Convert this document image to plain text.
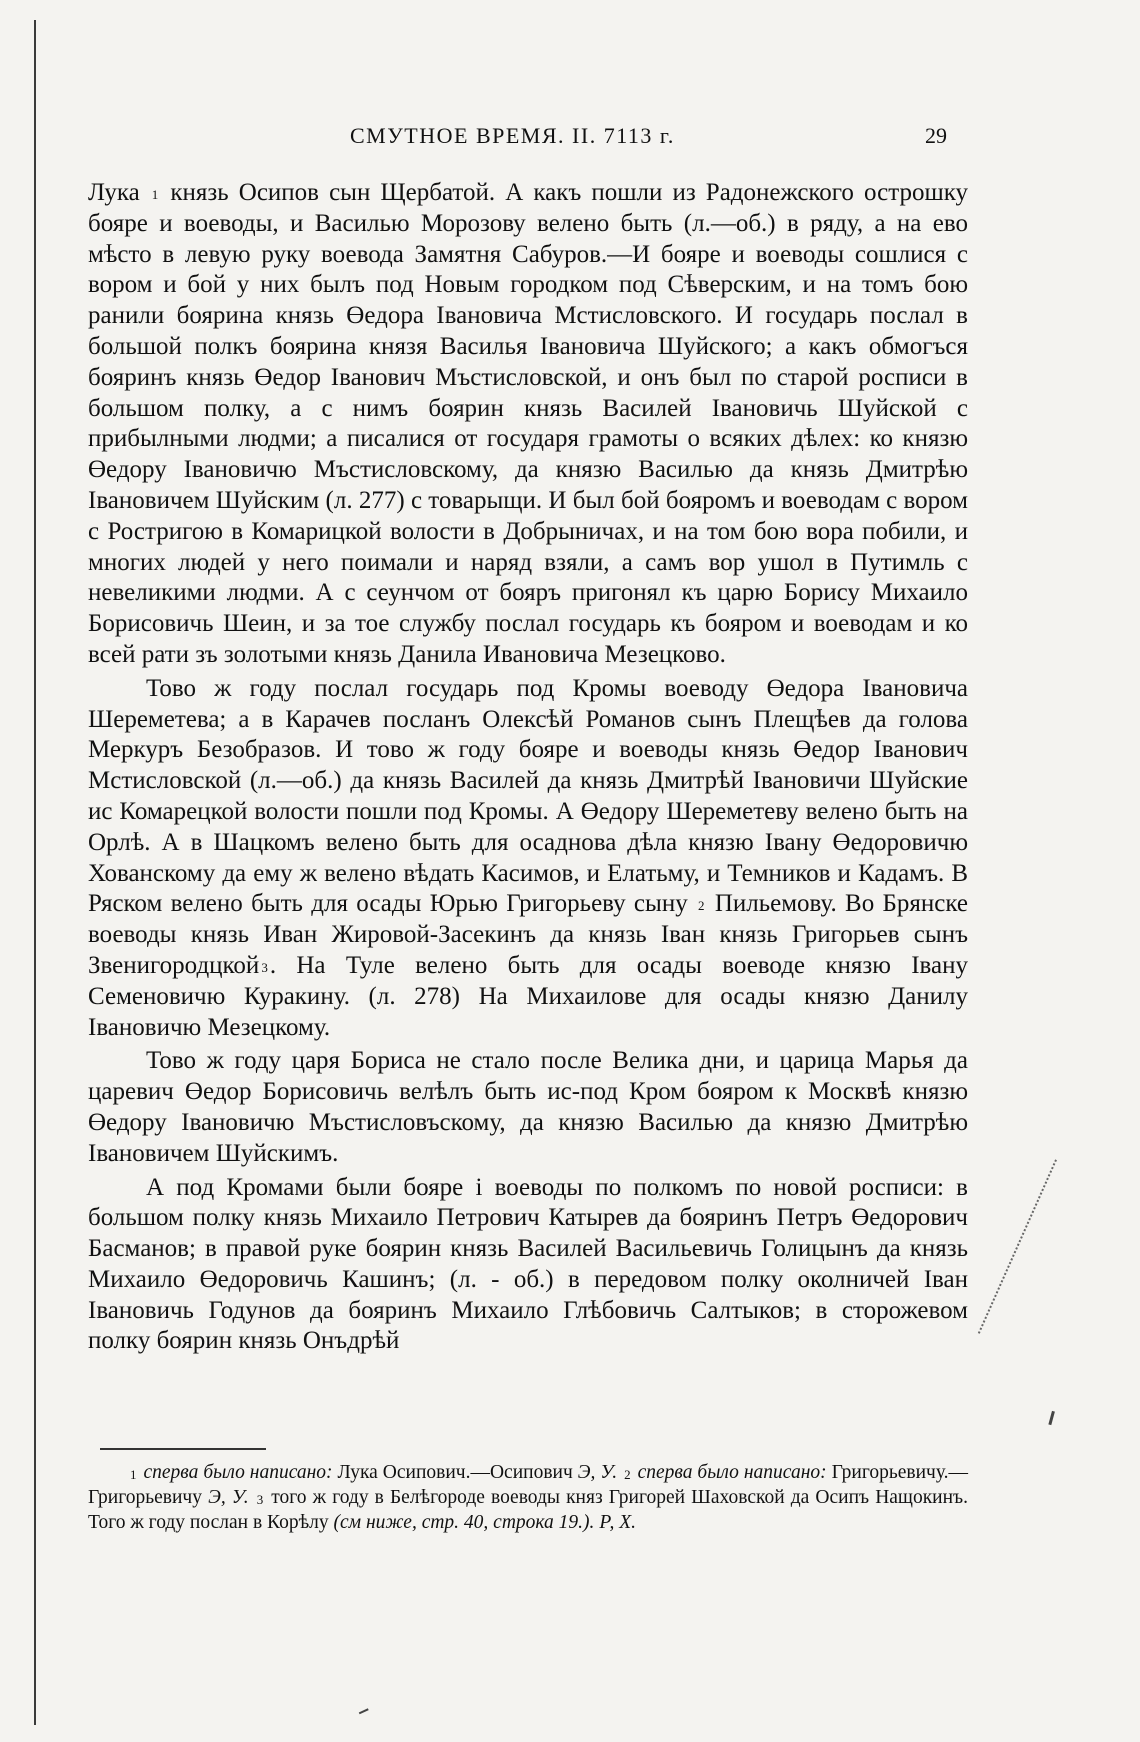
СМУТНОЕ ВРЕМЯ. II. 7113 г.	29

Лука $^1$ князь Осипов сын Щербатой. А какъ пошли из Радонежского острошку бояре и воеводы, и Василью Морозову велено быть (л.—об.) в ряду, а на ево мѣсто в левую руку воевода Замятня Сабуров.—И бояре и воеводы сошлися с вором и бой у них былъ под Новым городком под Сѣверским, и на томъ бою ранили боярина князь Өедора Івановича Мстисловского. И государь послал в большой полкъ боярина князя Василья Івановича Шуйского; а какъ обмогъся бояринъ князь Өедор Іванович Мъстисловской, и онъ был по старой росписи в большом полку, а с нимъ боярин князь Василей Івановичь Шуйской с прибылными людми; а писалися от государя грамоты о всяких дѣлех: ко князю Өедору Івановичю Мъстисловскому, да князю Василью да князь Дмитрѣю Івановичем Шуйским (л. 277) с товарыщи. И был бой бояромъ и воеводам с вором с Ростригою в Комарицкой волости в Добрыничах, и на том бою вора побили, и многих людей у него поимали и наряд взяли, а самъ вор ушол в Путимль с невеликими людми. А с сеунчом от бояръ пригонял къ царю Борису Михаило Борисовичь Шеин, и за тое службу послал государь къ бояром и воеводам и ко всей рати зъ золотыми князь Данила Ивановича Мезецково.

Тово ж году послал государь под Кромы воеводу Өедора Івановича Шереметева; а в Карачев посланъ Олексѣй Романов сынъ Плещѣев да голова Меркуръ Безобразов. И тово ж году бояре и воеводы князь Өедор Іванович Мстисловской (л.—об.) да князь Василей да князь Дмитрѣй Івановичи Шуйские ис Комарецкой волости пошли под Кромы. А Өедору Шереметеву велено быть на Орлѣ. А в Шацкомъ велено быть для осаднова дѣла князю Івану Өедоровичю Хованскому да ему ж велено вѣдать Касимов, и Елатьму, и Темников и Кадамъ. В Ряском велено быть для осады Юрью Григорьеву сыну $^2$ Пильемову. Во Брянске воеводы князь Иван Жировой-Засекинъ да князь Іван князь Григорьев сынъ Звенигородцкой $^3$. На Туле велено быть для осады воеводе князю Івану Семеновичю Куракину. (л. 278) На Михаилове для осады князю Данилу Івановичю Мезецкому.

Тово ж году царя Бориса не стало после Велика дни, и царица Марья да царевич Өедор Борисовичь велѣлъ быть ис-под Кром бояром к Москвѣ князю Өедору Івановичю Мъстисловъскому, да князю Василью да князю Дмитрѣю Івановичем Шуйскимъ.

А под Кромами были бояре і воеводы по полкомъ по новой росписи: в большом полку князь Михаило Петрович Катырев да бояринъ Петръ Өедорович Басманов; в правой руке боярин князь Василей Васильевичь Голицынъ да князь Михаило Өедоровичь Кашинъ; (л. - об.) в передовом полку околничей Іван Івановичь Годунов да бояринъ Михаило Глѣбовичь Салтыков; в сторожевом полку боярин князь Онъдрѣй

$^1$ сперва было написано: Лука Осипович.—Осипович Э, У. $^2$ сперва было написано: Григорьевичу.—Григорьевичу Э, У. $^3$ того ж году в Белѣгороде воеводы княз Григорей Шаховской да Осипъ Нащокинъ. Того ж году послан в Корѣлу (см ниже, стр. 40, строка 19.). Р, Х.
